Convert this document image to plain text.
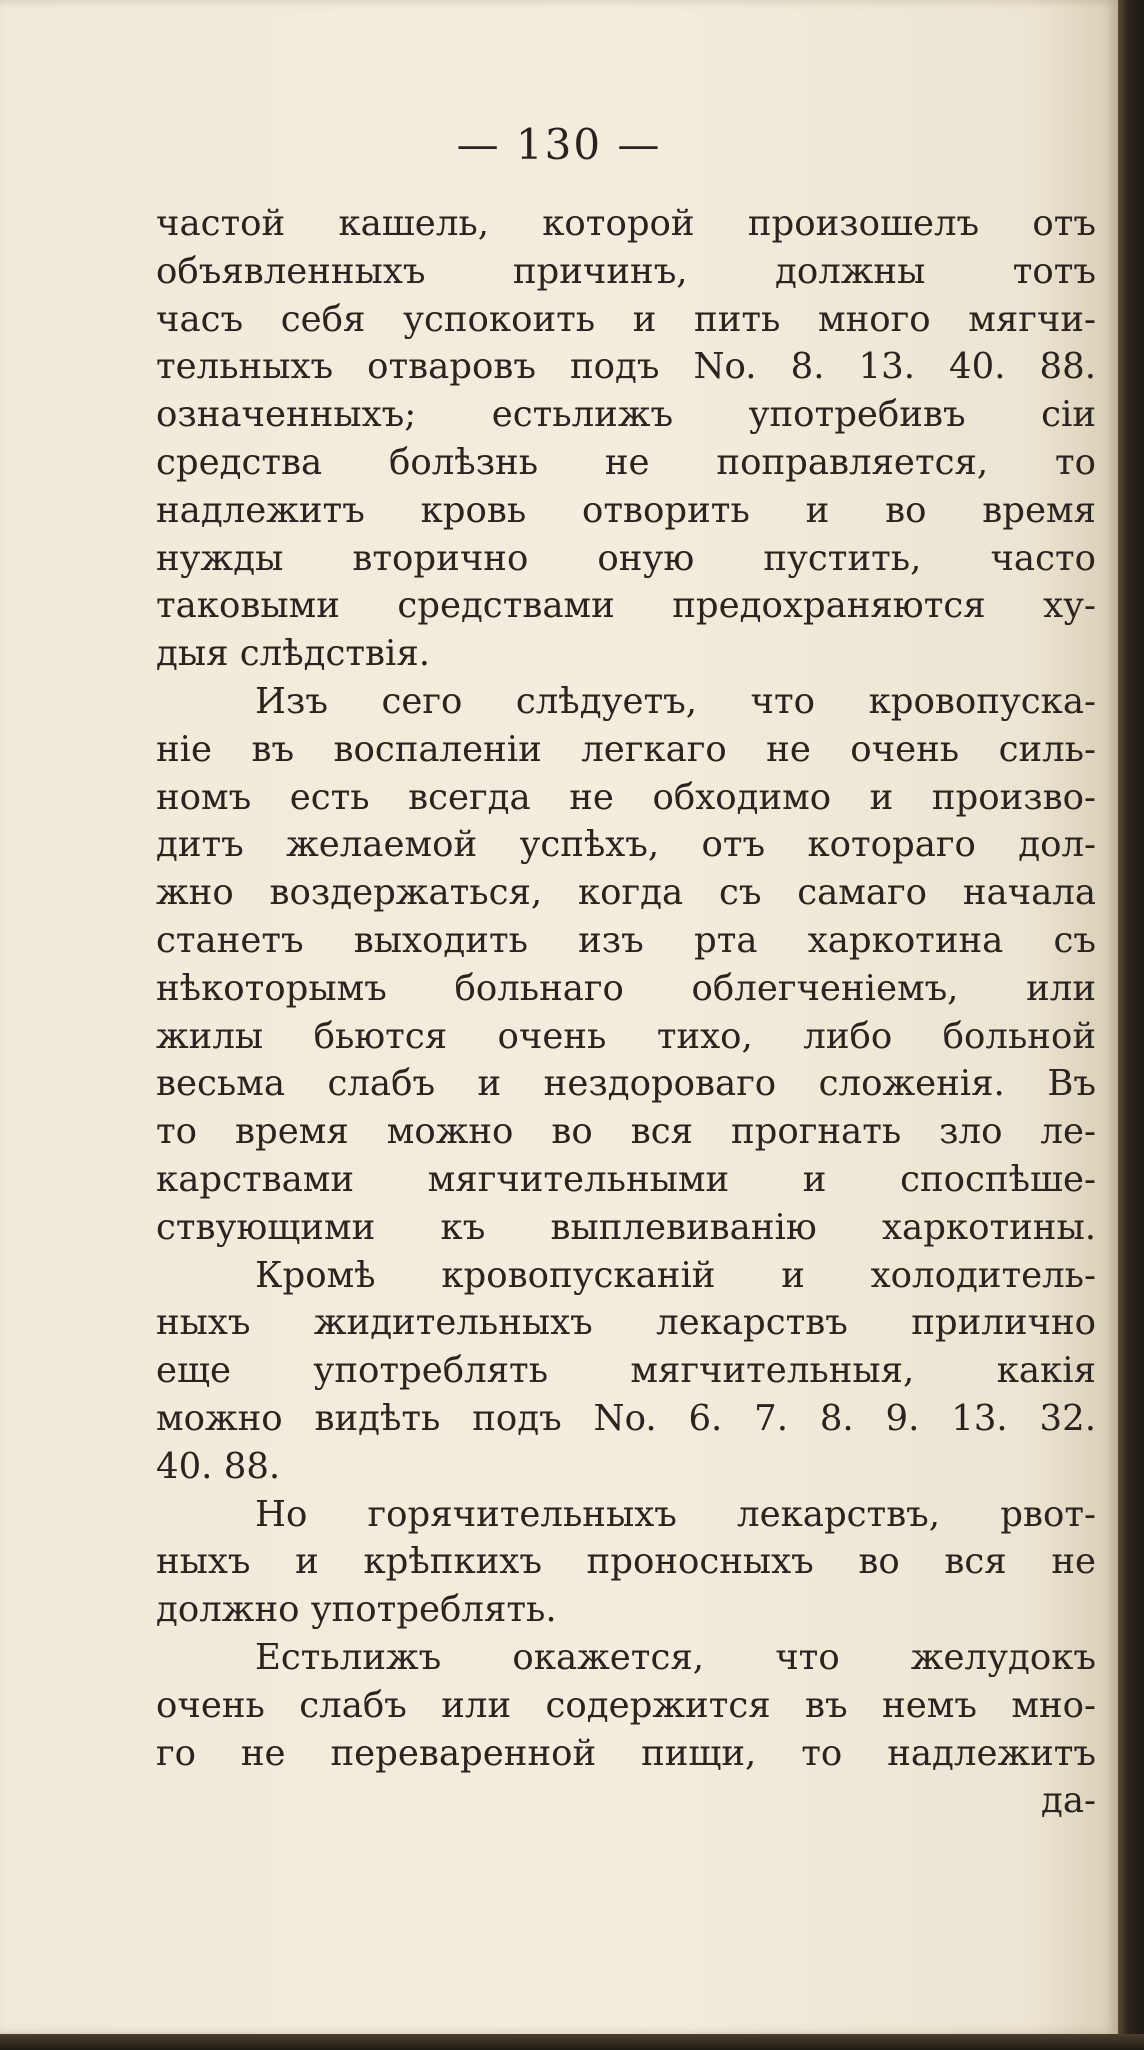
— 130 —
частой кашель, которой произошелъ отъ
объявленныхъ причинъ, должны тотъ
часъ себя успокоить и пить много мягчи-
тельныхъ отваровъ подъ No. 8. 13. 40. 88.
означенныхъ; естьлижъ употребивъ сіи
средства болѣзнь не поправляется, то
надлежитъ кровь отворить и во время
нужды вторично оную пустить, часто
таковыми средствами предохраняются ху-
дыя слѣдствія.
Изъ сего слѣдуетъ, что кровопуска-
ніе въ воспаленіи легкаго не очень силь-
номъ есть всегда не обходимо и произво-
дитъ желаемой успѣхъ, отъ котораго дол-
жно воздержаться, когда съ самаго начала
станетъ выходить изъ рта харкотина съ
нѣкоторымъ больнаго облегченіемъ, или
жилы бьются очень тихо, либо больной
весьма слабъ и нездороваго сложенія. Въ
то время можно во вся прогнать зло ле-
карствами мягчительными и споспѣше-
ствующими къ выплевиванію харкотины.
Кромѣ кровопусканій и холодитель-
ныхъ жидительныхъ лекарствъ прилично
еще употреблять мягчительныя, какія
можно видѣть подъ No. 6. 7. 8. 9. 13. 32.
40. 88.
Но горячительныхъ лекарствъ, рвот-
ныхъ и крѣпкихъ проносныхъ во вся не
должно употреблять.
Естьлижъ окажется, что желудокъ
очень слабъ или содержится въ немъ мно-
го не переваренной пищи, то надлежитъ
да-
